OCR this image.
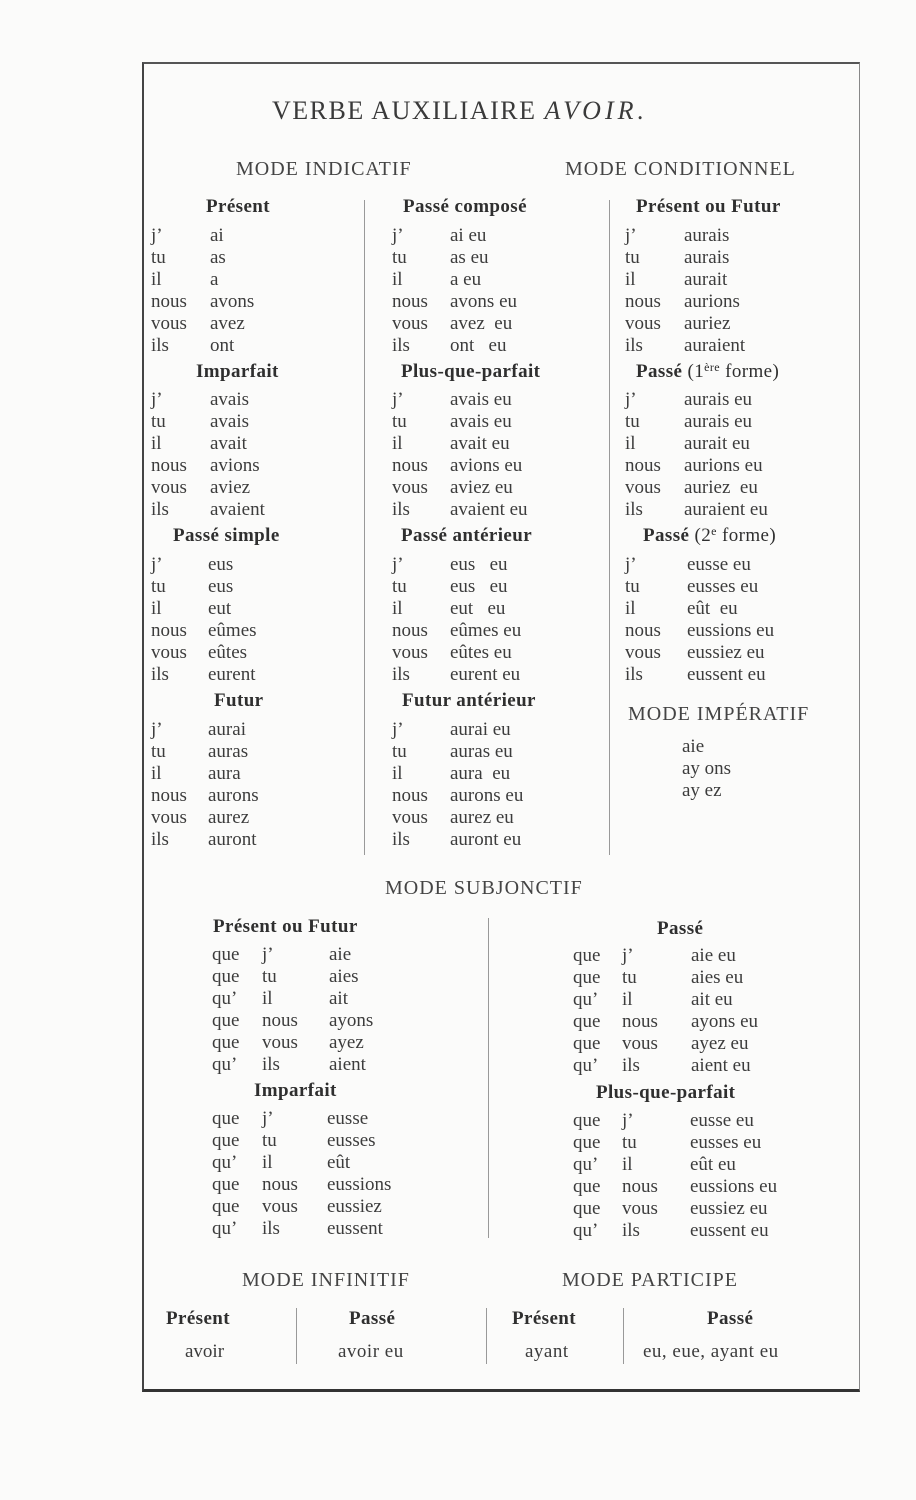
VERBE AUXILIAIRE AVOIR.
MODE INDICATIF	MODE CONDITIONNEL
Présent
Imparfait
Passé simple
Futur
Passé composé
Plus-que-parfait
Passé antérieur
Futur antérieur
Présent ou Futur
Passé (1ère forme)
Passé (2e forme)
MODE IMPÉRATIF
MODE SUBJONCTIF
Présent ou Futur
Imparfait
Passé
Plus-que-parfait
MODE INFINITIF	MODE PARTICIPE
Présent	Passé	Présent	Passé
avoir	avoir eu	ayant	eu, eue, ayant eu
j’ ai
tu as
il	a
nous avons
vous avez
ils ont
j’ avais
tu avais
il	avait
nous avions
vous aviez
ils avaient
j’ eus
tu eus
il eut
nous eûmes
vous eûtes
ils eurent
j’ aurai
tu auras
il aura
nous aurons
vous aurez
ils auront
j’ ai eu
tu as eu
il a eu
nous avons eu
vous avez  eu
ils ont   eu
j’ avais eu
tu avais eu
il avait eu
nous avions eu
vous aviez eu
ils avaient eu
j’ eus   eu
tu eus   eu
il eut   eu
nous eûmes eu
vous eûtes eu
ils eurent eu
j’ aurai eu
tu auras eu
il aura  eu
nous aurons eu
vous aurez eu
ils auront eu
j’ aurais
tu aurais
il	aurait
nous aurions
vous auriez
ils auraient
j’ aurais eu
tu aurais eu
il	aurait eu
nous aurions eu
vous auriez  eu
ils auraient eu
j’	eusse eu
tu eusses eu
il	eût  eu
nous eussions eu
vous eussiez eu
ils eussent eu
aie
ay ons
ay ez
que j’	aie
que tu	aies
qu’ il	ait
que nous ayons
que vous ayez
qu’ ils	aient
que j’	eusse
que tu	eusses
qu’ il	eût
que nous eussions
que vous eussiez
qu’ ils eussent
que j’	aie eu
que tu	aies eu
qu’ il	ait eu
que nous ayons eu
que vous ayez eu
qu’ ils	aient eu
que j’	eusse eu
que tu	eusses eu
qu’ il	eût eu
que nous eussions eu
que vous eussiez eu
qu’ ils	eussent eu
